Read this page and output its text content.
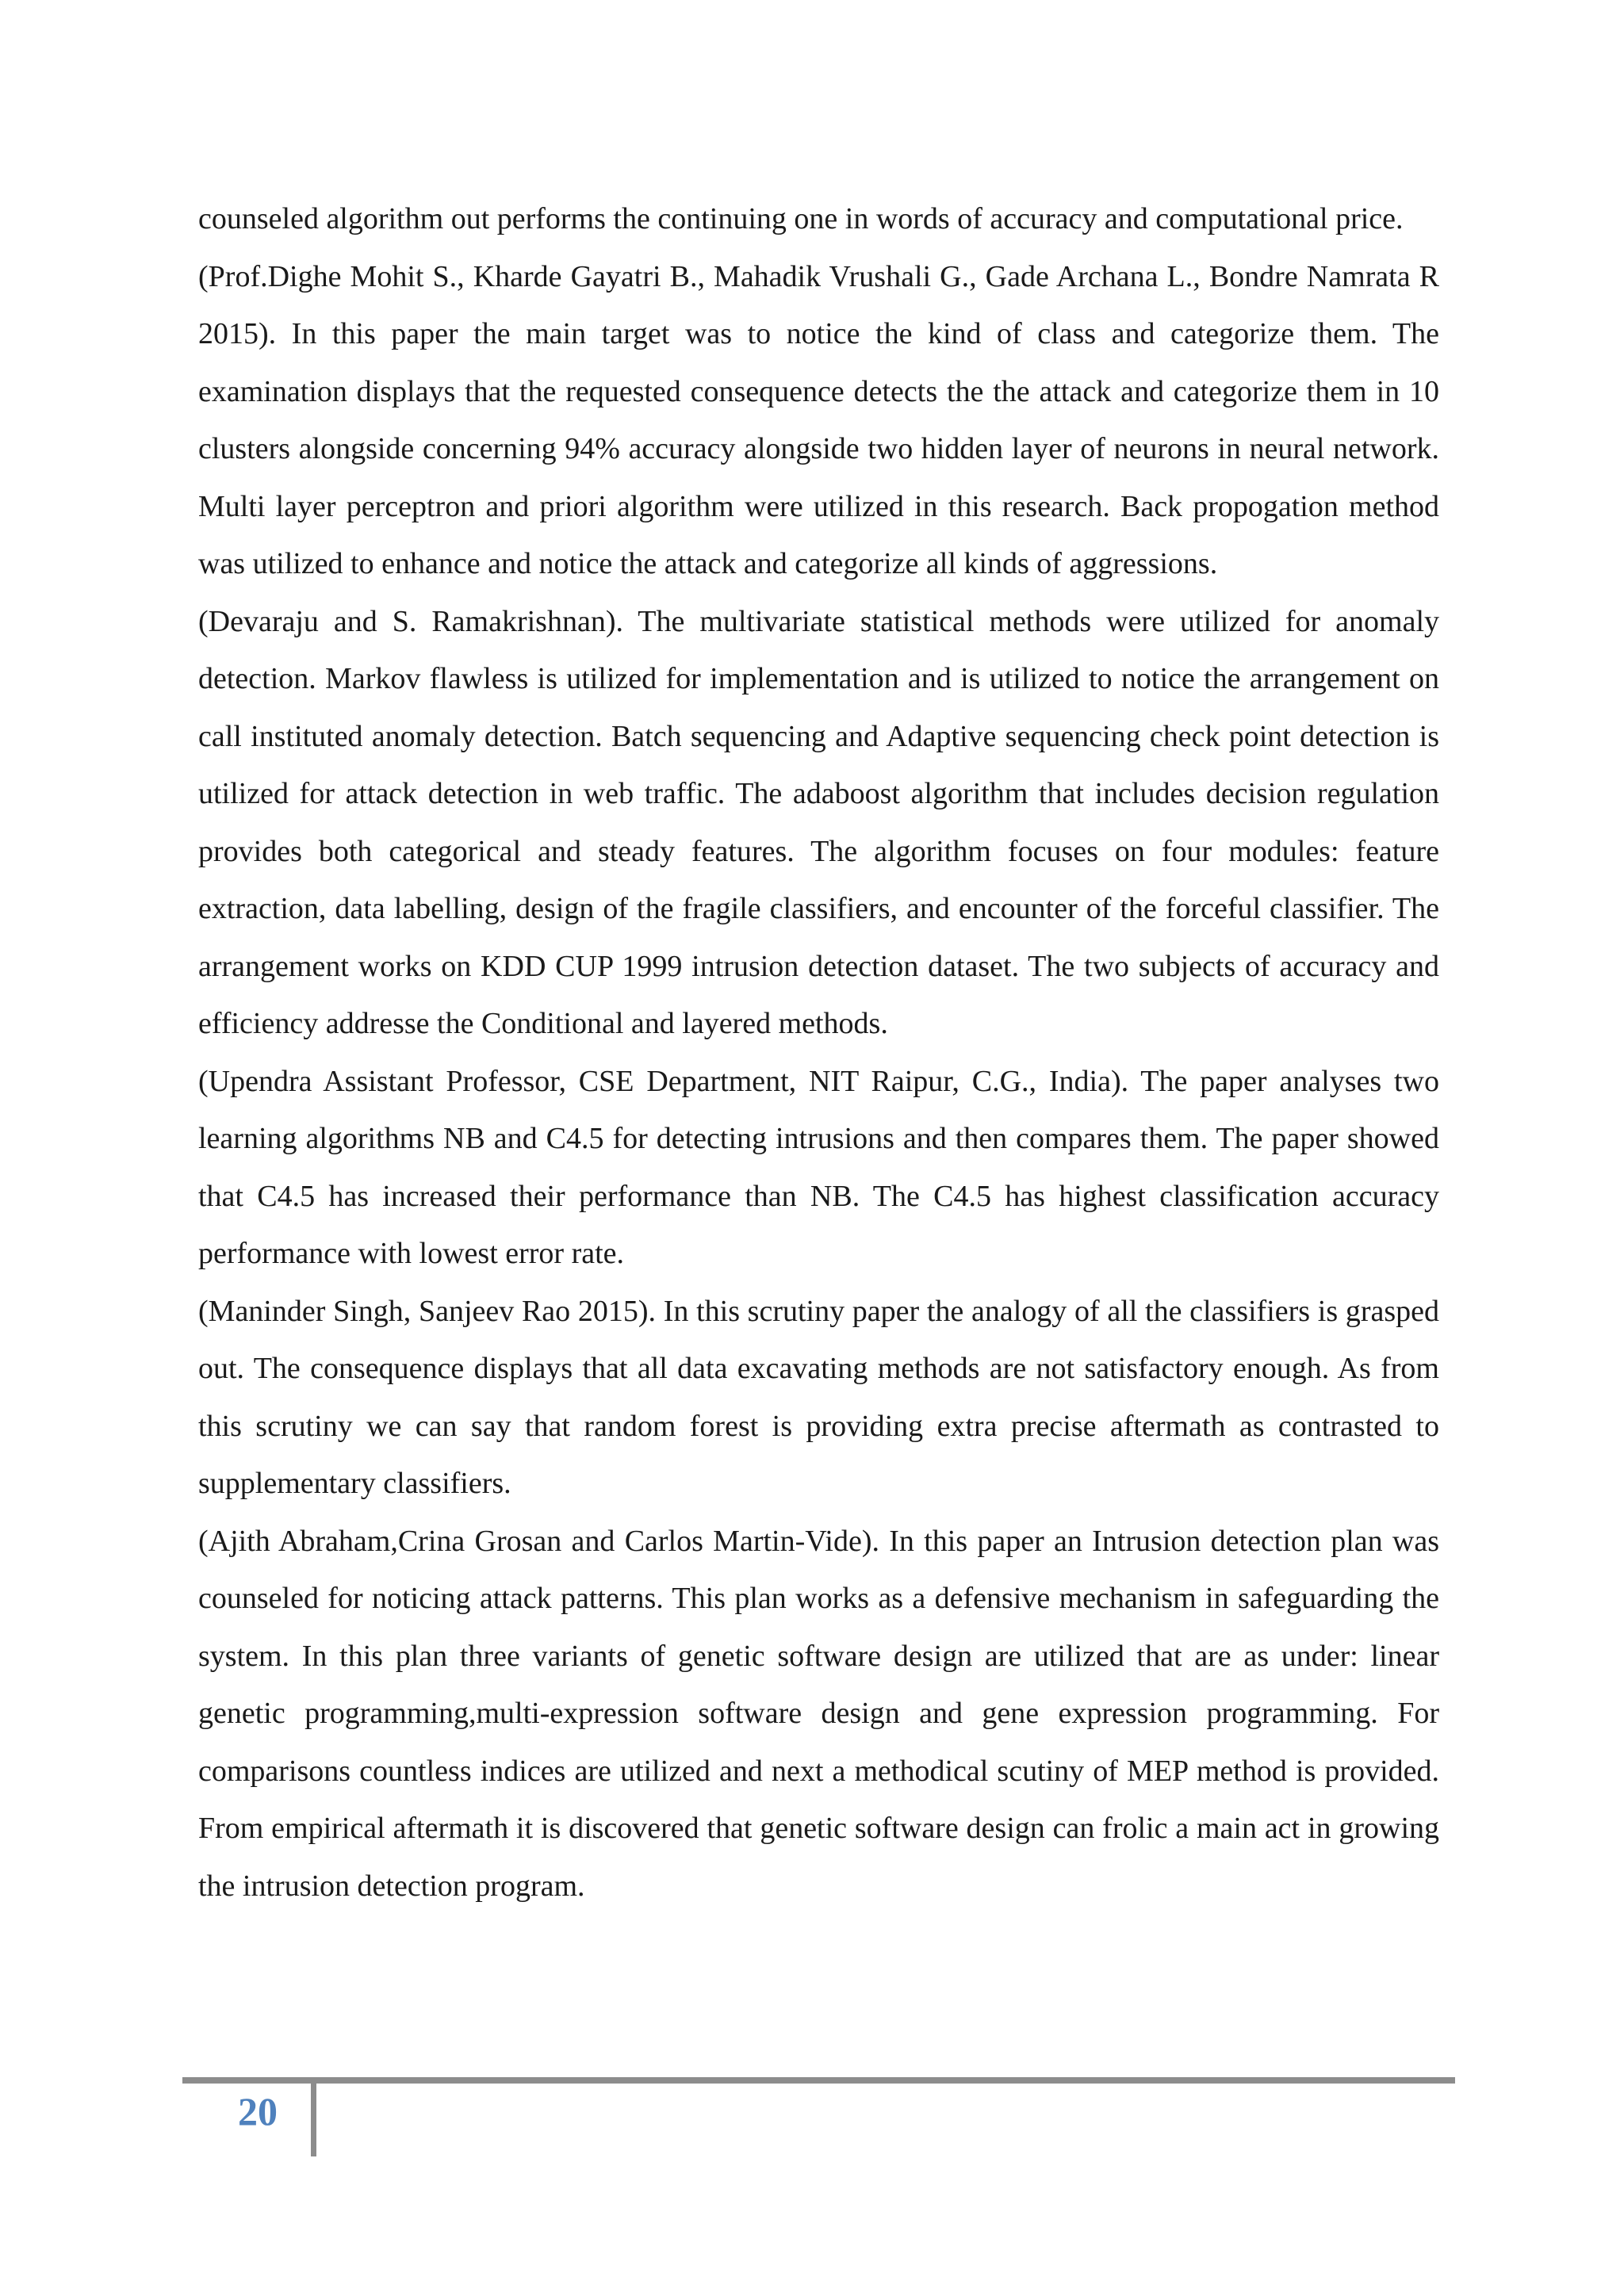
counseled algorithm out performs the continuing one in words of accuracy and computational price.

(Prof.Dighe Mohit S., Kharde Gayatri B., Mahadik Vrushali G., Gade Archana L., Bondre Namrata R 2015). In this paper the main target was to notice the kind of class and categorize them. The examination displays that the requested consequence detects the the attack and categorize them in 10 clusters alongside concerning 94% accuracy alongside two hidden layer of neurons in neural network. Multi layer perceptron and priori algorithm were utilized in this research. Back propogation method was utilized to enhance and notice the attack and categorize all kinds of aggressions.

(Devaraju and S. Ramakrishnan). The multivariate statistical methods were utilized for anomaly detection. Markov flawless is utilized for implementation and is utilized to notice the arrangement on call instituted anomaly detection. Batch sequencing and Adaptive sequencing check point detection is utilized for attack detection in web traffic. The adaboost algorithm that includes decision regulation provides both categorical and steady features. The algorithm focuses on four modules: feature extraction, data labelling, design of the fragile classifiers, and encounter of the forceful classifier. The arrangement works on KDD CUP 1999 intrusion detection dataset. The two subjects of accuracy and efficiency addresse the Conditional and layered methods.

(Upendra Assistant Professor, CSE Department, NIT Raipur, C.G., India). The paper analyses two learning algorithms NB and C4.5 for detecting intrusions and then compares them. The paper showed that C4.5 has increased their performance than NB. The C4.5 has highest classification accuracy performance with lowest error rate.

(Maninder Singh, Sanjeev Rao 2015). In this scrutiny paper the analogy of all the classifiers is grasped out. The consequence displays that all data excavating methods are not satisfactory enough. As from this scrutiny we can say that random forest is providing extra precise aftermath as contrasted to supplementary classifiers.

(Ajith Abraham,Crina Grosan and Carlos Martin-Vide). In this paper an Intrusion detection plan was counseled for noticing attack patterns. This plan works as a defensive mechanism in safeguarding the system. In this plan three variants of genetic software design are utilized that are as under: linear genetic programming,multi-expression software design and gene expression programming. For comparisons countless indices are utilized and next a methodical scutiny of MEP method is provided. From empirical aftermath it is discovered that genetic software design can frolic a main act in growing the intrusion detection program.

20
